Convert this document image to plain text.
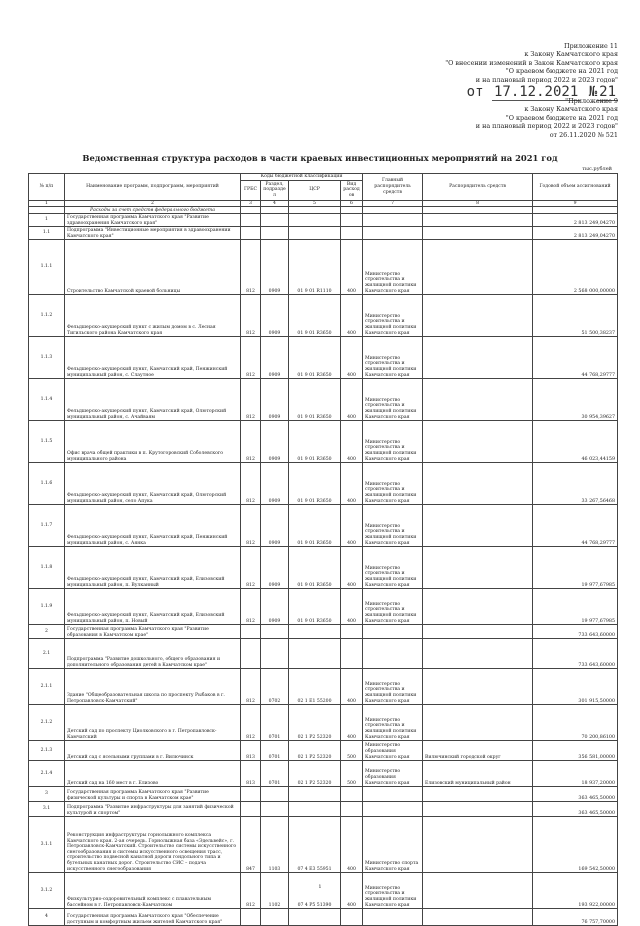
Приложение 11
к Закону Камчатского края
"О внесении изменений в Закон Камчатского края
"О краевом бюджете на 2021 год
и на плановый период 2022 и 2023 годов"
от 17.12.2021 № 21
"Приложение 9
к Закону Камчатского края
"О краевом бюджете на 2021 год
и на плановый период 2022 и 2023 годов"
от 26.11.2020 № 521
Ведомственная структура расходов в части краевых инвестиционных мероприятий на 2021 год
тыс.рублей
№ п/п	Наименование программ, подпрограмм, мероприятий	Коды бюджетной классификации				Главный распорядитель средств	Распорядитель средств	Годовой объем ассигнований
		ГРБС	Раздел, подраздел	ЦСР	Вид расходов			
1	2	3	4	5	6	7	8	9
	Расходы за счет средств федерального бюджета							
1	Государственная программа Камчатского края "Развитие здравоохранения Камчатского края"							2 813 249,04270
1.1	Подпрограмма "Инвестиционные мероприятия в здравоохранении Камчатского края"							2 813 249,04270
1.1.1	Строительство Камчатской краевой больницы	812	0909	01 9 01 R1110	400	Министерство строительства и жилищной политики Камчатского края		2 568 000,00000
1.1.2	Фельдшерско-акушерский пункт с жилым домом в с. Лесная Тигильского района Камчатского края	812	0909	01 9 01 R3650	400	Министерство строительства и жилищной политики Камчатского края		51 500,38237
1.1.3	Фельдшерско-акушерский пункт, Камчатский край, Пенжинский муниципальный район, с. Слаутное	812	0909	01 9 01 R3650	400	Министерство строительства и жилищной политики Камчатского края		44 768,29777
1.1.4	Фельдшерско-акушерский пункт, Камчатский край, Олюторский муниципальный район, с. Ачайваям	812	0909	01 9 01 R3650	400	Министерство строительства и жилищной политики Камчатского края		30 954,39627
1.1.5	Офис врача общей практики в п. Крутогоровский Соболевского муниципального района	812	0909	01 9 01 R3650	400	Министерство строительства и жилищной политики Камчатского края		46 023,44159
1.1.6	Фельдшерско-акушерский пункт, Камчатский край, Олюторский муниципальный район, село Апука	812	0909	01 9 01 R3650	400	Министерство строительства и жилищной политики Камчатского края		33 267,56468
1.1.7	Фельдшерско-акушерский пункт, Камчатский край, Пенжинский муниципальный район, с. Аянка	812	0909	01 9 01 R3650	400	Министерство строительства и жилищной политики Камчатского края		44 768,29777
1.1.8	Фельдшерско-акушерский пункт, Камчатский край, Елизовский муниципальный район, п. Вулканный	812	0909	01 9 01 R3650	400	Министерство строительства и жилищной политики Камчатского края		19 977,67985
1.1.9	Фельдшерско-акушерский пункт, Камчатский край, Елизовский муниципальный район, п. Новый	812	0909	01 9 01 R3650	400	Министерство строительства и жилищной политики Камчатского края		19 977,67985
2	Государственная программа Камчатского края "Развитие образования в Камчатском крае"							733 643,60000
2.1	Подпрограмма "Развитие дошкольного, общего образования и дополнительного образования детей в Камчатском крае"							733 643,60000
2.1.1	Здание "Общеобразовательная школа по проспекту Рыбаков в г. Петропавловск-Камчатский"	812	0702	02 1 E1 55200	400	Министерство строительства и жилищной политики Камчатского края		301 915,50000
2.1.2	Детский сад по проспекту Циолковского в г. Петропавловск-Камчатский	812	0701	02 1 P2 52320	400	Министерство строительства и жилищной политики Камчатского края		70 200,86100
2.1.3	Детский сад с ясельными группами в г. Вилючинск	813	0701	02 1 P2 52320	500	Министерство образования Камчатского края	Вилючинский городской округ	356 581,00000
2.1.4	Детский сад на 160 мест в г. Елизово	813	0701	02 1 P2 52320	500	Министерство образования Камчатского края	Елизовский муниципальный район	18 937,20000
3	Государственная программа Камчатского края "Развитие физической культуры и спорта в Камчатском крае"							363 465,50000
3.1	Подпрограмма "Развитие инфраструктуры для занятий физической культурой и спортом"							363 465,50000
3.1.1	Реконструкция инфраструктуры горнолыжного комплекса Камчатского края. 2-ая очередь. Горнолыжная база «Эдельвейс», г. Петропавловск-Камчатский. Строительство системы искусственного снегообразования и системы искусственного освещения трасс, строительство подвесной канатной дороги гондольного типа и бугельных канатных дорог. Строительство СИС – подача искусственного снегообразования	847	1103	07 4 E3 55951	400	Министерство спорта Камчатского края		169 542,50000
3.1.2	Физкультурно-оздоровительный комплекс с плавательным бассейном в г. Петропавловск-Камчатском	812	1102	07 4 P5 51390	400	Министерство строительства и жилищной политики Камчатского края		193 922,00000
4	Государственная программа Камчатского края "Обеспечение доступным и комфортным жильем жителей Камчатского края"							76 757,70000
1
